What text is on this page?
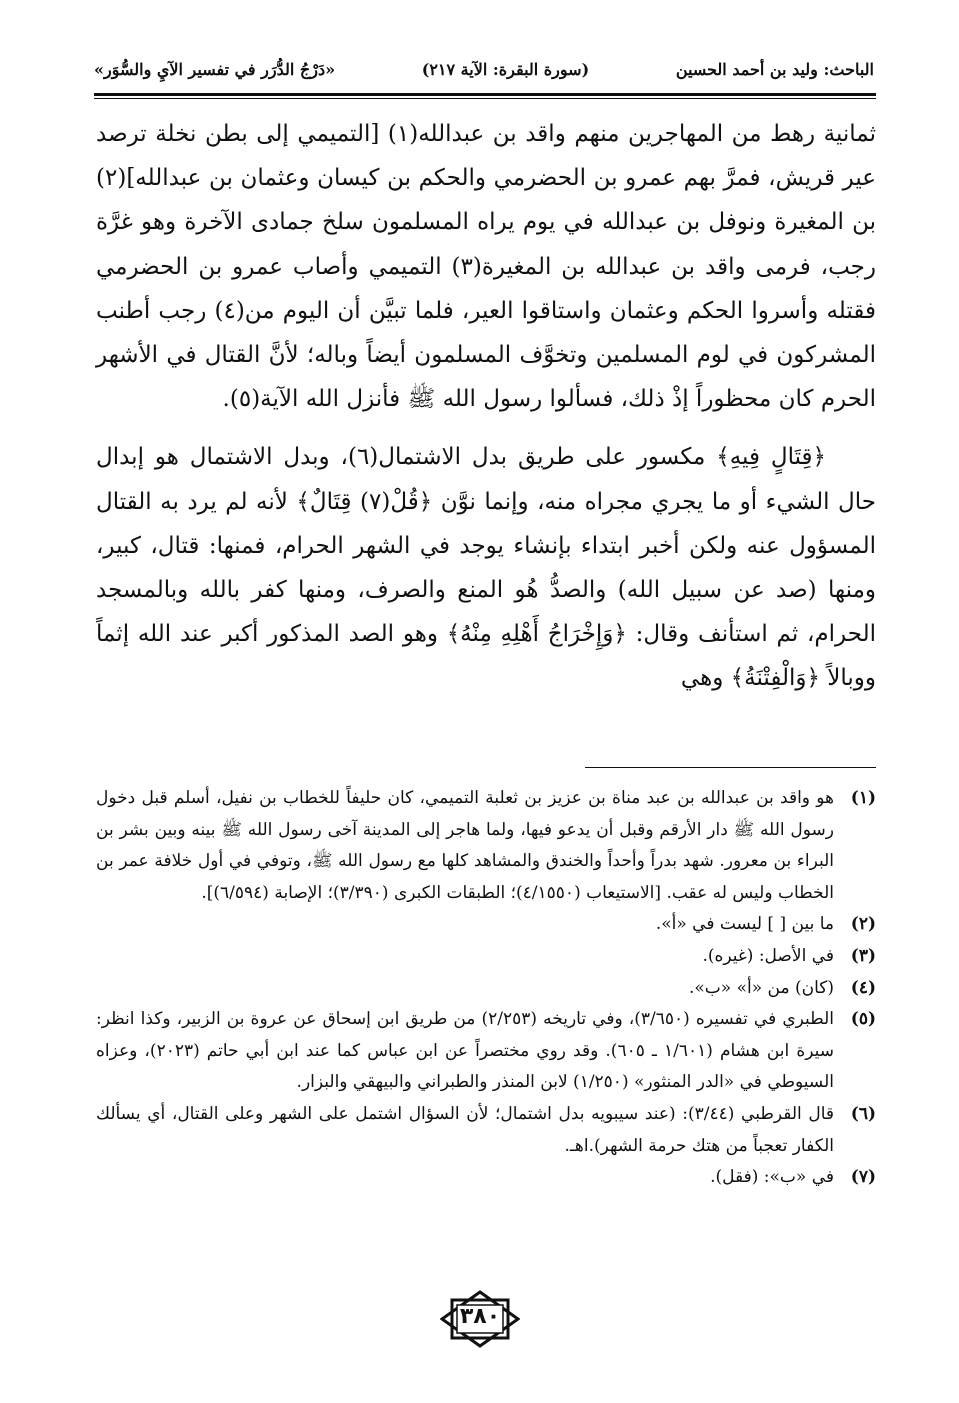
الباحث: وليد بن أحمد الحسين
(سورة البقرة: الآية ٢١٧)
«دَرْجُ الدُّرَر في تفسير الآيِ والسُّوَر»

ثمانية رهط من المهاجرين منهم واقد بن عبدالله(١) [التميمي إلى بطن نخلة ترصد عير قريش، فمرَّ بهم عمرو بن الحضرمي والحكم بن كيسان وعثمان بن عبدالله](٢) بن المغيرة ونوفل بن عبدالله في يوم يراه المسلمون سلخ جمادى الآخرة وهو غرَّة رجب، فرمى واقد بن عبدالله بن المغيرة(٣) التميمي وأصاب عمرو بن الحضرمي فقتله وأسروا الحكم وعثمان واستاقوا العير، فلما تبيَّن أن اليوم من(٤) رجب أطنب المشركون في لوم المسلمين وتخوَّف المسلمون أيضاً وباله؛ لأنَّ القتال في الأشهر الحرم كان محظوراً إذْ ذلك، فسألوا رسول الله ﷺ فأنزل الله الآية(٥).

﴿قِتَالٍ فِيهِ﴾ مكسور على طريق بدل الاشتمال(٦)، وبدل الاشتمال هو إبدال حال الشيء أو ما يجري مجراه منه، وإنما نوَّن ﴿قُلْ(٧) قِتَالٌ﴾ لأنه لم يرد به القتال المسؤول عنه ولكن أخبر ابتداء بإنشاء يوجد في الشهر الحرام، فمنها: قتال، كبير، ومنها (صد عن سبيل الله) والصدُّ هُو المنع والصرف، ومنها كفر بالله وبالمسجد الحرام، ثم استأنف وقال: ﴿وَإِخْرَاجُ أَهْلِهِ مِنْهُ﴾ وهو الصد المذكور أكبر عند الله إثماً ووبالاً ﴿وَالْفِتْنَةُ﴾ وهي

(١)
هو واقد بن عبدالله بن عبد مناة بن عزيز بن ثعلبة التميمي، كان حليفاً للخطاب بن نفيل، أسلم قبل دخول رسول الله ﷺ دار الأرقم وقبل أن يدعو فيها، ولما هاجر إلى المدينة آخى رسول الله ﷺ بينه وبين بشر بن البراء بن معرور. شهد بدراً وأحداً والخندق والمشاهد كلها مع رسول الله ﷺ، وتوفي في أول خلافة عمر بن الخطاب وليس له عقب. [الاستيعاب (٤/١٥٥٠)؛ الطبقات الكبرى (٣/٣٩٠)؛ الإصابة (٦/٥٩٤)].
(٢)
ما بين [ ] ليست في «أ».
(٣)
في الأصل: (غيره).
(٤)
(كان) من «أ» «ب».
(٥)
الطبري في تفسيره (٣/٦٥٠)، وفي تاريخه (٢/٢٥٣) من طريق ابن إسحاق عن عروة بن الزبير، وكذا انظر: سيرة ابن هشام (١/٦٠١ ـ ٦٠٥). وقد روي مختصراً عن ابن عباس كما عند ابن أبي حاتم (٢٠٢٣)، وعزاه السيوطي في «الدر المنثور» (١/٢٥٠) لابن المنذر والطبراني والبيهقي والبزار.
(٦)
قال القرطبي (٣/٤٤): (عند سيبويه بدل اشتمال؛ لأن السؤال اشتمل على الشهر وعلى القتال، أي يسألك الكفار تعجباً من هتك حرمة الشهر).اهـ.
(٧)
في «ب»: (فقل).
٣٨٠
